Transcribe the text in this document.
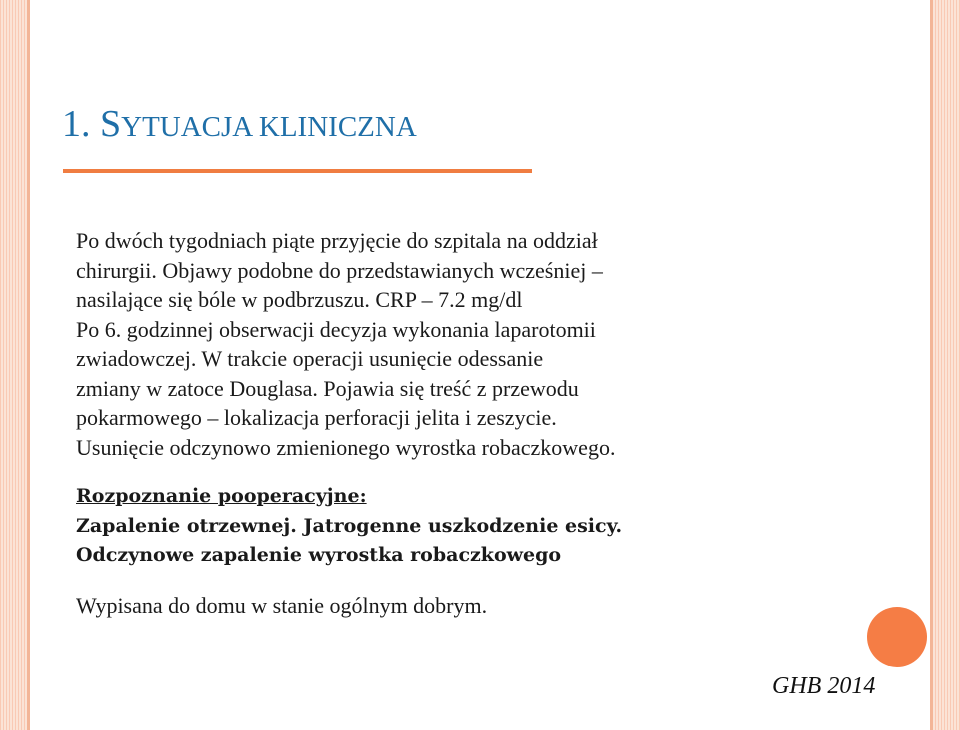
1. SYTUACJA KLINICZNA
Po dwóch tygodniach piąte przyjęcie do szpitala na oddział
chirurgii. Objawy podobne do przedstawianych wcześniej –
nasilające się bóle w podbrzuszu. CRP – 7.2 mg/dl
Po 6. godzinnej obserwacji decyzja wykonania laparotomii
zwiadowczej. W trakcie operacji usunięcie odessanie
zmiany w zatoce Douglasa. Pojawia się treść z przewodu
pokarmowego – lokalizacja perforacji jelita i zeszycie.
Usunięcie odczynowo zmienionego wyrostka robaczkowego.
Rozpoznanie pooperacyjne:
Zapalenie otrzewnej. Jatrogenne uszkodzenie esicy.
Odczynowe zapalenie wyrostka robaczkowego
Wypisana do domu w stanie ogólnym dobrym.
GHB 2014
